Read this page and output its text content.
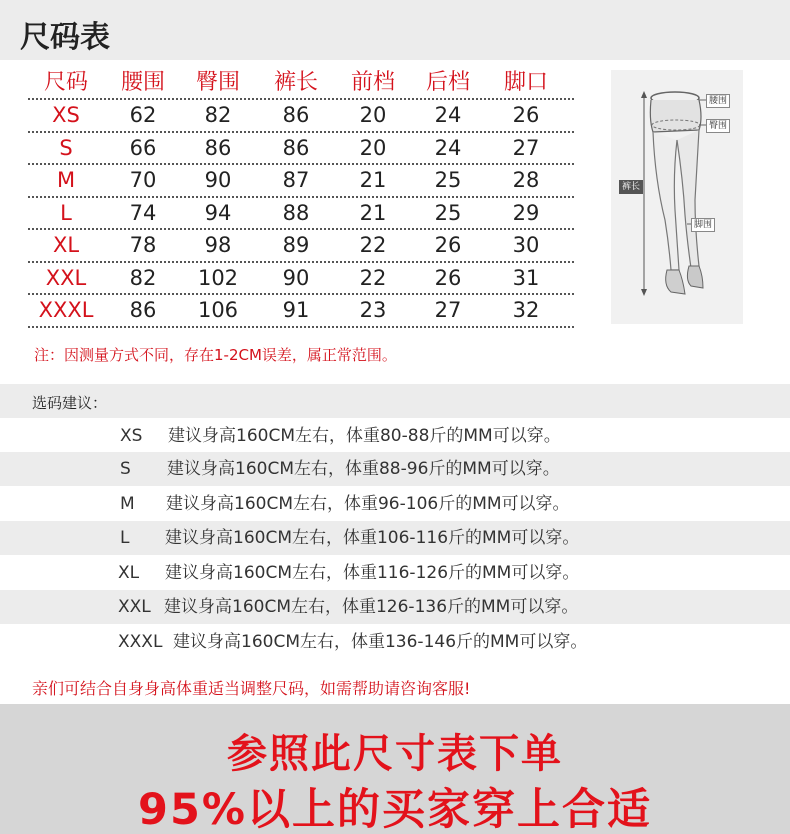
尺码表
尺码	腰围	臀围	裤长	前档	后档	脚口
XS	62	82	86	20	24	26
S	66	86	86	20	24	27
M	70	90	87	21	25	28
L	74	94	88	21	25	29
XL	78	98	89	22	26	30
XXL	82	102	90	22	26	31
XXXL	86	106	91	23	27	32
腰围
臀围
裤长
脚围
注：因测量方式不同，存在1-2CM误差，属正常范围。
选码建议：
XS 建议身高160CM左右，体重80-88斤的MM可以穿。
S 建议身高160CM左右，体重88-96斤的MM可以穿。
M 建议身高160CM左右，体重96-106斤的MM可以穿。
L 建议身高160CM左右，体重106-116斤的MM可以穿。
XL 建议身高160CM左右，体重116-126斤的MM可以穿。
XXL 建议身高160CM左右，体重126-136斤的MM可以穿。
XXXL 建议身高160CM左右，体重136-146斤的MM可以穿。
亲们可结合自身身高体重适当调整尺码，如需帮助请咨询客服!
参照此尺寸表下单
95%以上的买家穿上合适
